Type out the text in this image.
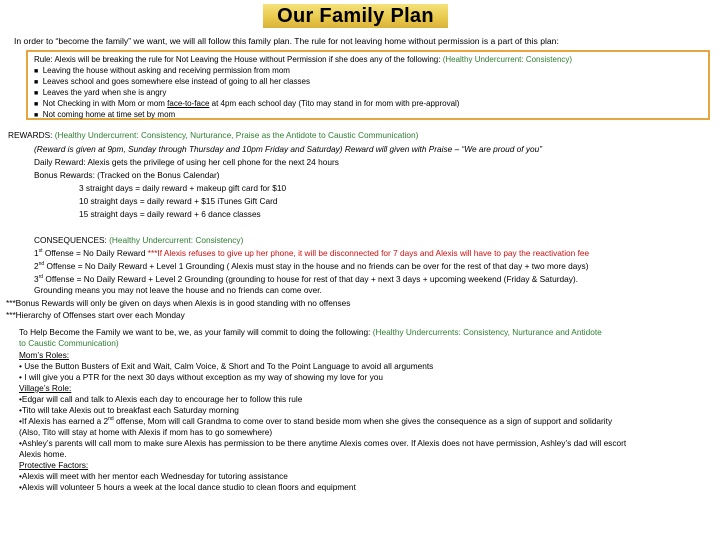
Our Family Plan
In order to “become the family” we want, we will all follow this family plan. The rule for not leaving home without permission is a part of this plan:
Rule: Alexis will be breaking the rule for Not Leaving the House without Permission if she does any of the following: (Healthy Undercurrent: Consistency)
■ Leaving the house without asking and receiving permission from mom
■ Leaves school and goes somewhere else instead of going to all her classes
■ Leaves the yard when she is angry
■ Not Checking in with Mom or mom face-to-face at 4pm each school day (Tito may stand in for mom with pre-approval)
■ Not coming home at time set by mom
REWARDS: (Healthy Undercurrent: Consistency, Nurturance, Praise as the Antidote to Caustic Communication)
(Reward is given at 9pm, Sunday through Thursday and 10pm Friday and Saturday) Reward will given with Praise – “We are proud of you”
Daily Reward: Alexis gets the privilege of using her cell phone for the next 24 hours
Bonus Rewards: (Tracked on the Bonus Calendar)
3 straight days = daily reward + makeup gift card for $10
10 straight days = daily reward + $15 iTunes Gift Card
15 straight days = daily reward + 6 dance classes
CONSEQUENCES: (Healthy Undercurrent: Consistency)
1st Offense = No Daily Reward ***If Alexis refuses to give up her phone, it will be disconnected for 7 days and Alexis will have to pay the reactivation fee
2nd Offense = No Daily Reward + Level 1 Grounding ( Alexis must stay in the house and no friends can be over for the rest of that day + two more days)
3rd Offense = No Daily Reward + Level 2 Grounding (grounding to house for rest of that day + next 3 days + upcoming weekend (Friday & Saturday).
Grounding means you may not leave the house and no friends can come over.
***Bonus Rewards will only be given on days when Alexis is in good standing with no offenses
***Hierarchy of Offenses start over each Monday
To Help Become the Family we want to be, we, as your family will commit to doing the following: (Healthy Undercurrents: Consistency, Nurturance and Antidote
to Caustic Communication)
Mom’s Roles:
• Use the Button Busters of Exit and Wait, Calm Voice, & Short and To the Point Language to avoid all arguments
• I will give you a PTR for the next 30 days without exception as my way of showing my love for you
Village’s Role:
•Edgar will call and talk to Alexis each day to encourage her to follow this rule
•Tito will take Alexis out to breakfast each Saturday morning
•If Alexis has earned a 2nd offense, Mom will call Grandma to come over to stand beside mom when she gives the consequence as a sign of support and solidarity
(Also, Tito will stay at home with Alexis if mom has to go somewhere)
•Ashley’s parents will call mom to make sure Alexis has permission to be there anytime Alexis comes over. If Alexis does not have permission, Ashley’s dad will escort
Alexis home.
Protective Factors:
•Alexis will meet with her mentor each Wednesday for tutoring assistance
•Alexis will volunteer 5 hours a week at the local dance studio to clean floors and equipment
